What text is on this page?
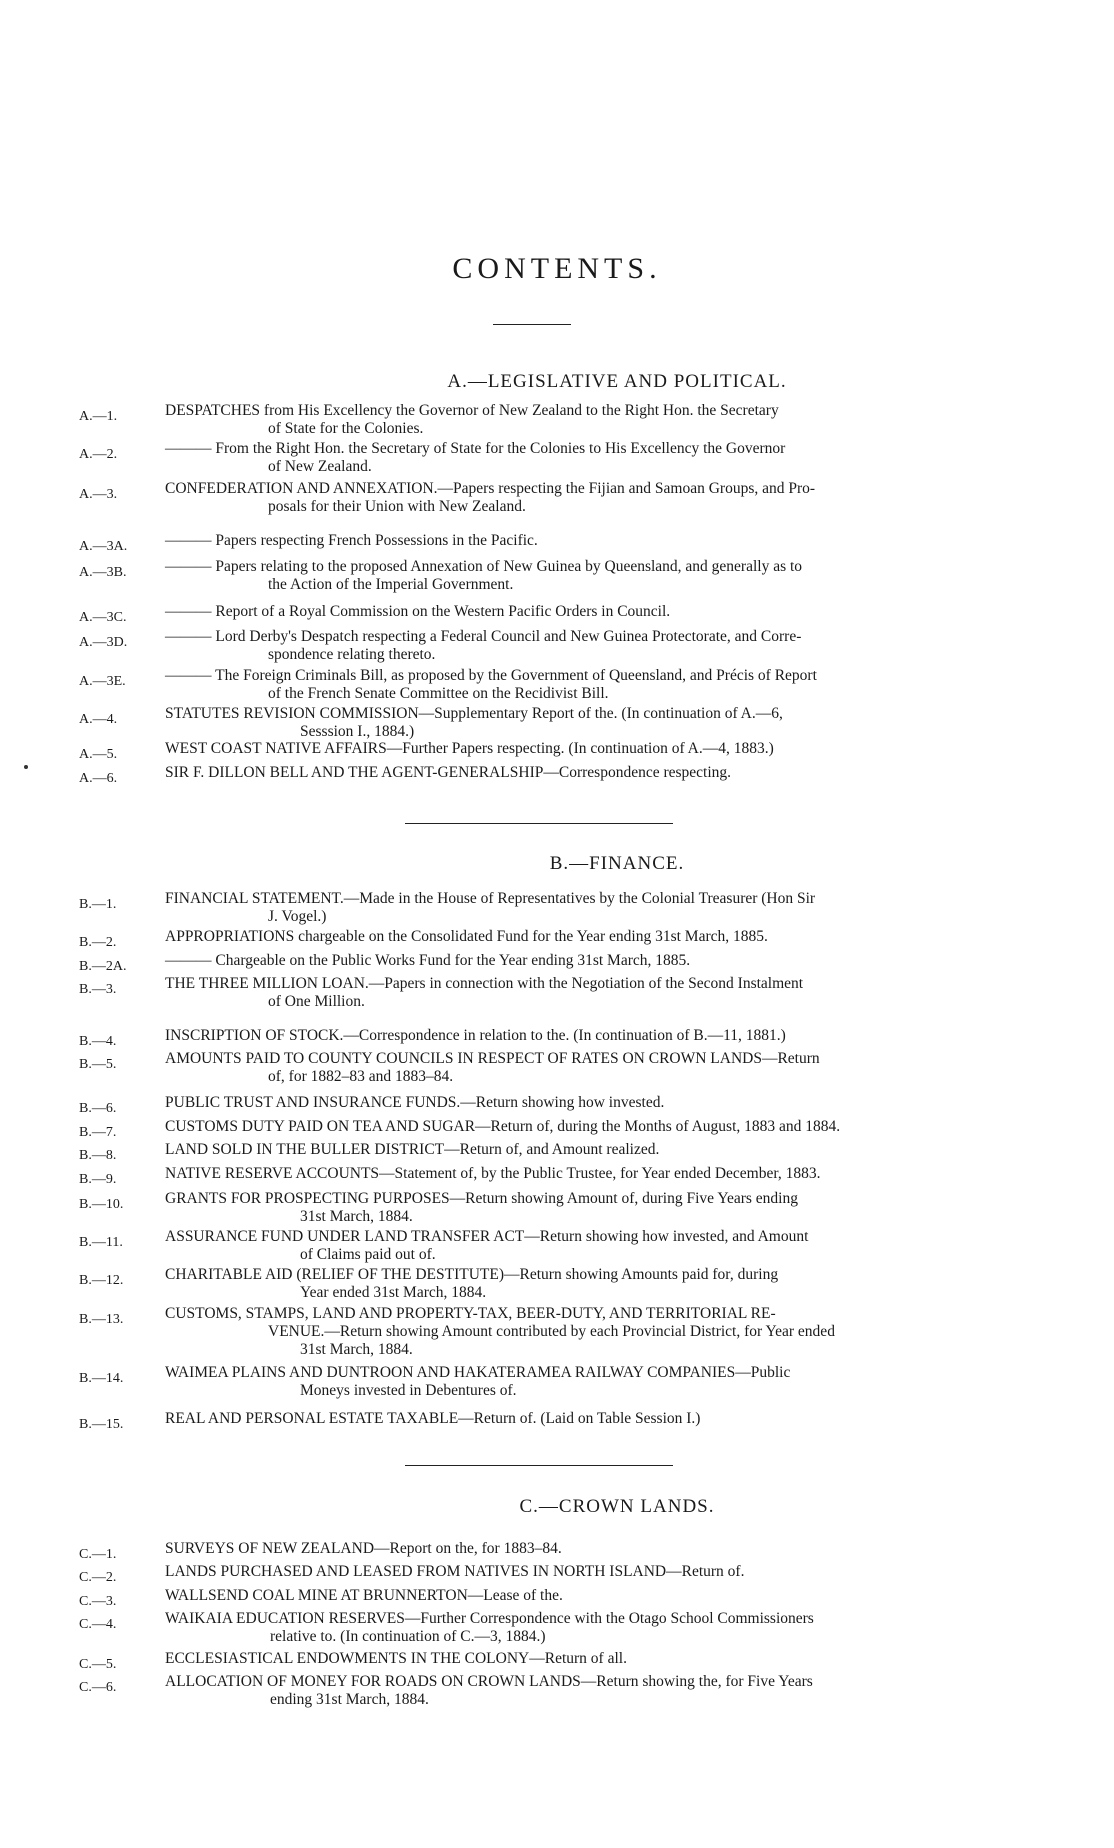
CONTENTS.
A.—LEGISLATIVE AND POLITICAL.
A.—1.	DESPATCHES from His Excellency the Governor of New Zealand to the Right Hon. the Secretary
of State for the Colonies.
A.—2.	——— From the Right Hon. the Secretary of State for the Colonies to His Excellency the Governor
of New Zealand.
A.—3.	CONFEDERATION AND ANNEXATION.—Papers respecting the Fijian and Samoan Groups, and Pro-
posals for their Union with New Zealand.
A.—3A.	——— Papers respecting French Possessions in the Pacific.
A.—3B.	——— Papers relating to the proposed Annexation of New Guinea by Queensland, and generally as to
the Action of the Imperial Government.
A.—3C.	——— Report of a Royal Commission on the Western Pacific Orders in Council.
A.—3D.	——— Lord Derby's Despatch respecting a Federal Council and New Guinea Protectorate, and Corre-
spondence relating thereto.
A.—3E.	——— The Foreign Criminals Bill, as proposed by the Government of Queensland, and Précis of Report
of the French Senate Committee on the Recidivist Bill.
A.—4.	STATUTES REVISION COMMISSION—Supplementary Report of the. (In continuation of A.—6,
Sesssion I., 1884.)
A.—5.	WEST COAST NATIVE AFFAIRS—Further Papers respecting. (In continuation of A.—4, 1883.)
A.—6.	SIR F. DILLON BELL AND THE AGENT-GENERALSHIP—Correspondence respecting.
B.—FINANCE.
B.—1.	FINANCIAL STATEMENT.—Made in the House of Representatives by the Colonial Treasurer (Hon Sir
J. Vogel.)
B.—2.	APPROPRIATIONS chargeable on the Consolidated Fund for the Year ending 31st March, 1885.
B.—2A.	——— Chargeable on the Public Works Fund for the Year ending 31st March, 1885.
B.—3.	THE THREE MILLION LOAN.—Papers in connection with the Negotiation of the Second Instalment
of One Million.
B.—4.	INSCRIPTION OF STOCK.—Correspondence in relation to the. (In continuation of B.—11, 1881.)
B.—5.	AMOUNTS PAID TO COUNTY COUNCILS IN RESPECT OF RATES ON CROWN LANDS—Return
of, for 1882–83 and 1883–84.
B.—6.	PUBLIC TRUST AND INSURANCE FUNDS.—Return showing how invested.
B.—7.	CUSTOMS DUTY PAID ON TEA AND SUGAR—Return of, during the Months of August, 1883 and 1884.
B.—8.	LAND SOLD IN THE BULLER DISTRICT—Return of, and Amount realized.
B.—9.	NATIVE RESERVE ACCOUNTS—Statement of, by the Public Trustee, for Year ended December, 1883.
B.—10.	GRANTS FOR PROSPECTING PURPOSES—Return showing Amount of, during Five Years ending
31st March, 1884.
B.—11.	ASSURANCE FUND UNDER LAND TRANSFER ACT—Return showing how invested, and Amount
of Claims paid out of.
B.—12.	CHARITABLE AID (RELIEF OF THE DESTITUTE)—Return showing Amounts paid for, during
Year ended 31st March, 1884.
B.—13.	CUSTOMS, STAMPS, LAND AND PROPERTY-TAX, BEER-DUTY, AND TERRITORIAL RE-
VENUE.—Return showing Amount contributed by each Provincial District, for Year ended
31st March, 1884.
B.—14.	WAIMEA PLAINS AND DUNTROON AND HAKATERAMEA RAILWAY COMPANIES—Public
Moneys invested in Debentures of.
B.—15.	REAL AND PERSONAL ESTATE TAXABLE—Return of. (Laid on Table Session I.)
C.—CROWN LANDS.
C.—1.	SURVEYS OF NEW ZEALAND—Report on the, for 1883–84.
C.—2.	LANDS PURCHASED AND LEASED FROM NATIVES IN NORTH ISLAND—Return of.
C.—3.	WALLSEND COAL MINE AT BRUNNERTON—Lease of the.
C.—4.	WAIKAIA EDUCATION RESERVES—Further Correspondence with the Otago School Commissioners
relative to. (In continuation of C.—3, 1884.)
C.—5.	ECCLESIASTICAL ENDOWMENTS IN THE COLONY—Return of all.
C.—6.	ALLOCATION OF MONEY FOR ROADS ON CROWN LANDS—Return showing the, for Five Years
ending 31st March, 1884.
